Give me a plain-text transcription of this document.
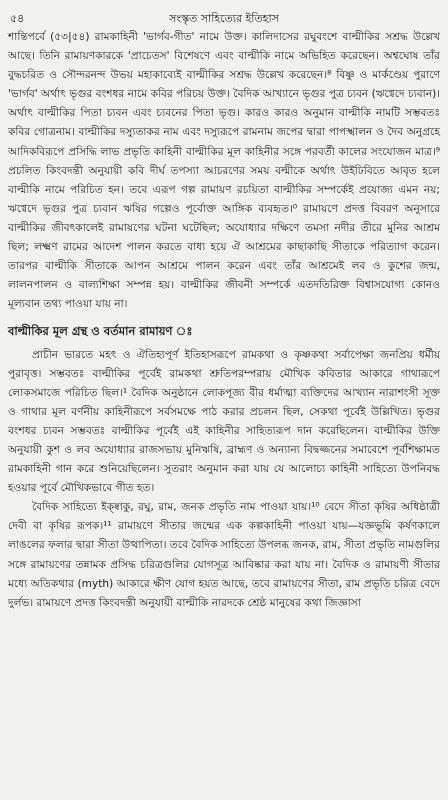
৫৪	সংস্কৃত সাহিত্যের ইতিহাস

শান্তিপর্বে (৫৩|৫৪) রামকাহিনী 'ভার্গব-গীত' নামে উক্ত। কালিদাসের রঘুবংশে বাল্মীকির সশ্রদ্ধ উল্লেখ আছে। তিনি রামায়ণকারকে 'প্রাচেতস' বিশেষণে এবং বাল্মীকি নামে অভিহিত করেছেন। অশ্বঘোষ তাঁর বুদ্ধচরিত ও সৌন্দরনন্দ উভয় মহাকাব্যেই বাল্মীকির সশ্রদ্ধ উল্লেখ করেছেন।⁸ বিষ্ণু ও মার্কণ্ডেয় পুরাণে 'ভার্গব' অর্থাৎ ভৃগুর বংশধর নামে কবির পরিচয় উক্ত। বৈদিক আখ্যানে ভৃগুর পুত্র চ্যবন (ঋগ্বেদে চ্যবান)। অর্থাৎ বাল্মীকির পিতা চ্যবন এবং চ্যবনের পিতা ভৃগু। কারও কারও অনুমান বাল্মীকি নামটি সম্ভবতঃ কবির গোত্রনাম। বাল্মীকির দস্যুতাকর নাম এবং দস্যুরূপে রামনাম জপের দ্বারা পাপস্খালন ও দৈব অনুগ্রহে আদিকবিরূপে প্রসিদ্ধি লাভ প্রভৃতি কাহিনী বাল্মীকির মূল কাহিনীর সঙ্গে পরবর্তী কালের সংযোজন মাত্র।⁹ প্রচলিত কিংবদন্তী অনুযায়ী কবি দীর্ঘ তপস্যা আচরণের সময় বল্মীকে অর্থাৎ উইঢিবিতে আবৃত হলে বাল্মীকি নামে পরিচিত হন। তবে এরূপ গল্প রামায়ণ রচয়িতা বাল্মীকির সম্পর্কেই প্রযোজ্য এমন নয়; ঋগ্বেদে ভৃগুর পুত্র চ্যবান ঋষির গল্পেও পূর্বোক্ত আঙ্গিক ব্যবহৃত।⁰ রামায়ণে প্রদত্ত বিবরণ অনুসারে বাল্মীকির জীবৎকালেই রামায়ণের ঘটনা ঘটেছিল; অযোধ্যার দক্ষিণে তমসা নদীর তীরে মুনির আশ্রম ছিল; লক্ষ্মণ রামের আদেশ পালন করতে বাধ্য হয়ে ঐ আশ্রমের কাছাকাছি সীতাকে পরিত্যাগ করেন। তারপর বাল্মীকি সীতাকে আপন আশ্রমে পালন করেন এবং তাঁর আশ্রমেই লব ও কুশের জন্ম, লালনপালন ও বাল্যশিক্ষা সম্পন্ন হয়। বাল্মীকির জীবনী সম্পর্কে এতদতিরিক্ত বিশ্বাসযোগ্য কোনও মূল্যবান তথ্য পাওয়া যায় না।

বাল্মীকির মূল গ্রন্থ ও বর্তমান রামায়ণ ঃ

প্রাচীন ভারতে মহৎ ও ঐতিহ্যপূর্ণ ইতিহাসরূপে রামকথা ও কৃষ্ণকথা সর্বাপেক্ষা জনপ্রিয় ধর্মীয় পুরাবৃত্ত। সম্ভবতঃ বাল্মীকির পূর্বেই রামকথা শ্রুতিপরম্পরায় মৌখিক কবিতার আকারে গাথারূপে লোকসমাজে পরিচিত ছিল।¹ বৈদিক অনুষ্ঠানে লোকপূজ্য বীর ধর্মাত্মা ব্যক্তিদের আখ্যান নারাশংসী সূক্ত ও গাথার মূল বর্ণনীয় কাহিনীরূপে সর্বসমক্ষে পাঠ করার প্রচলন ছিল, সেকথা পূর্বেই উল্লিখিত। ভৃগুর বংশধর চ্যবন সম্ভবতঃ বাল্মীকির পূর্বেই এই কাহিনীর সাহিত্যরূপ দান করেছিলেন। বাল্মীকির উক্তি অনুযায়ী কুশ ও লব অযোধ্যার রাজসভায় মুনিঋষি, ব্রাহ্মণ ও অন্যান্য বিদ্বজ্জনের সমাবেশে পূর্বশিক্ষামত রামকাহিনী গান করে শুনিয়েছিলেন। সুতরাং অনুমান করা যায় যে আলোচ্য কাহিনী সাহিত্যে উপনিবদ্ধ হওয়ার পূর্বে মৌখিকভাবে গীত হত।

বৈদিক সাহিত্যে ইক্ষ্বাকু, রঘু, রাম, জনক প্রভৃতি নাম পাওয়া যায়।¹⁰ বেদে সীতা কৃষির অধিষ্ঠাত্রী দেবী বা কৃষির রূপক।¹¹ রামায়ণে সীতার জন্মের এক কল্পকাহিনী পাওয়া যায়—যজ্ঞভূমি কর্ষণকালে লাঙলের ফলার দ্বারা সীতা উত্থাপিতা। তবে বৈদিক সাহিত্যে উপলব্ধ জনক, রাম, সীতা প্রভৃতি নামগুলির সঙ্গে রামায়ণের তন্নামক প্রসিদ্ধ চরিত্রগুলির যোগসূত্র আবিষ্কার করা যায় না। বৈদিক ও রামায়ণী সীতার মধ্যে অতিকথার (myth) আকারে ক্ষীণ যোগ হয়ত আছে, তবে রামায়ণের সীতা, রাম প্রভৃতি চরিত্র বেদে দুর্লভ। রামায়ণে প্রদত্ত কিংবদন্তী অনুযায়ী বাল্মীকি নারদকে শ্রেষ্ঠ মানুষের কথা জিজ্ঞাসা
